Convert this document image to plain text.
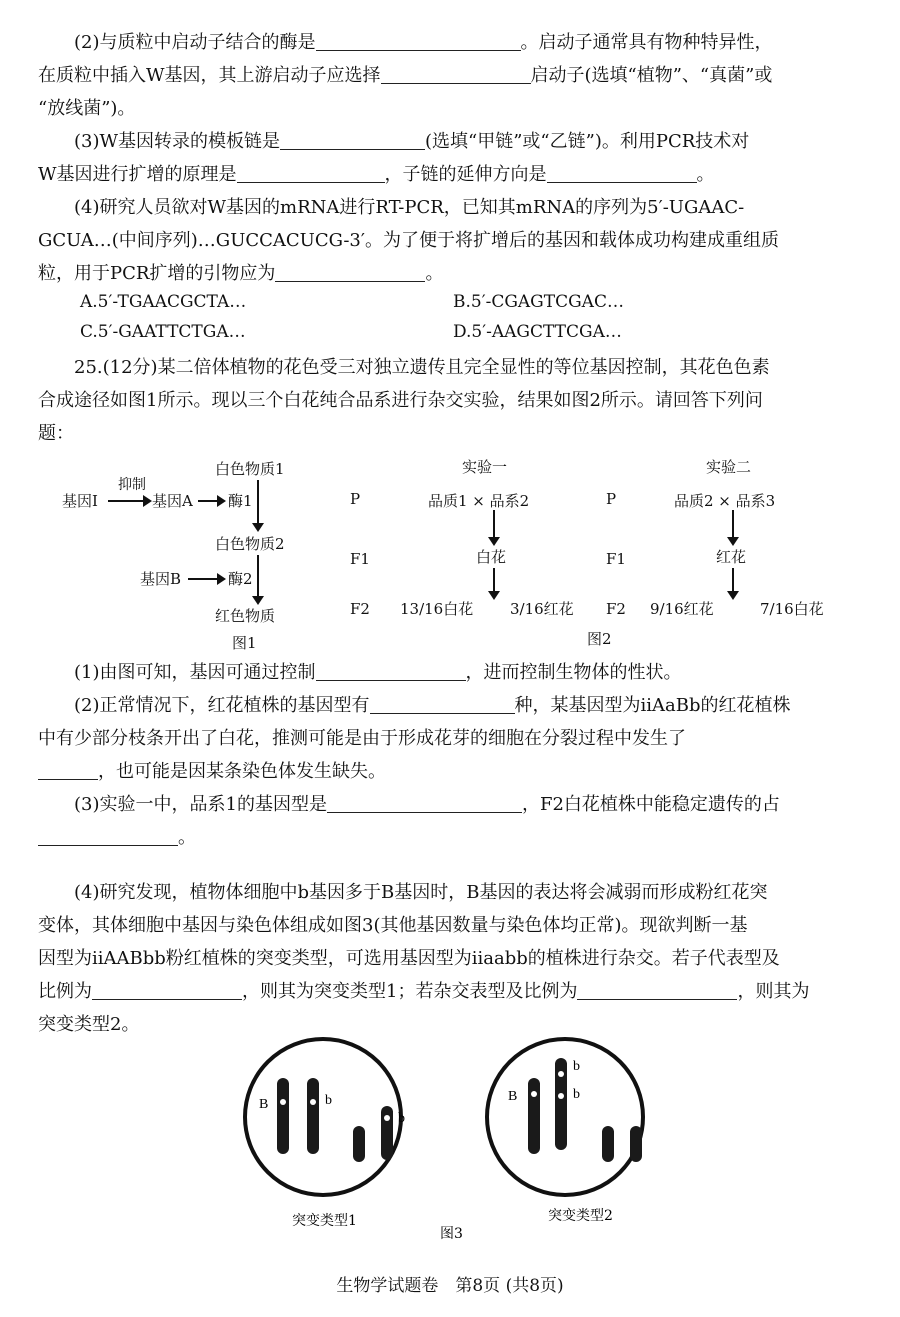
(2)与质粒中启动子结合的酶是	。启动子通常具有物种特异性，
在质粒中插入W基因，其上游启动子应选择	启动子(选填“植物”、“真菌”或
“放线菌”)。

(3)W基因转录的模板链是	(选填“甲链”或“乙链”)。利用PCR技术对
W基因进行扩增的原理是	，子链的延伸方向是	。

(4)研究人员欲对W基因的mRNA进行RT-PCR，已知其mRNA的序列为5′-UGAAC-
GCUA…(中间序列)…GUCCACUCG-3′。为了便于将扩增后的基因和载体成功构建成重组质
粒，用于PCR扩增的引物应为	。

A.5′-TGAACGCTA…	B.5′-CGAGTCGAC…
C.5′-GAATTCTGA…	D.5′-AAGCTTCGA…

25.(12分)某二倍体植物的花色受三对独立遗传且完全显性的等位基因控制，其花色色素
合成途径如图1所示。现以三个白花纯合品系进行杂交实验，结果如图2所示。请回答下列问
题：

白色物质1
抑制
基因Ⅰ	基因A 酶1
白色物质2
基因B	酶2
红色物质
图1
实验一	实验二
P	品质1 × 品系2	P	品质2 × 品系3
F1	白花	F1	红花
F2 13/16白花 3/16红花 F2 9/16红花	7/16白花
图2

(1)由图可知，基因可通过控制	，进而控制生物体的性状。

(2)正常情况下，红花植株的基因型有	种，某基因型为iiAaBb的红花植株
中有少部分枝条开出了白花，推测可能是由于形成花芽的细胞在分裂过程中发生了
，也可能是因某条染色体发生缺失。

(3)实验一中，品系1的基因型是	，F2白花植株中能稳定遗传的占
。

(4)研究发现，植物体细胞中b基因多于B基因时，B基因的表达将会减弱而形成粉红花突
变体，其体细胞中基因与染色体组成如图3(其他基因数量与染色体均正常)。现欲判断一基
因型为iiAABbb粉红植株的突变类型，可选用基因型为iiaabb的植株进行杂交。若子代表型及
比例为	，则其为突变类型1；若杂交表型及比例为	，则其为
突变类型2。

B	b
b
突变类型1
B
b
b
突变类型2
图3
生物学试题卷　第8页 (共8页)
